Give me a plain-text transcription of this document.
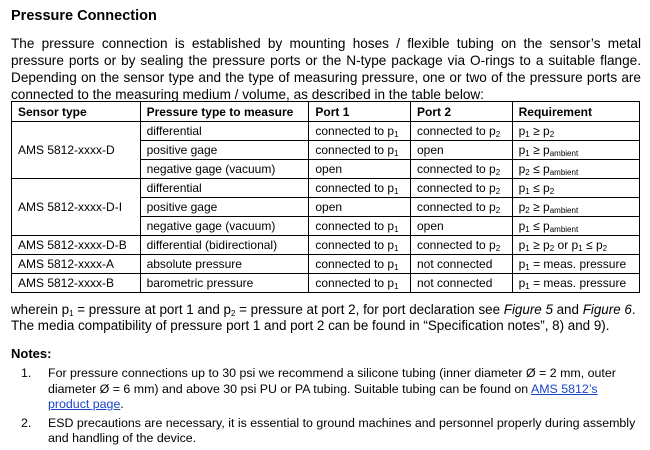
Pressure Connection

The pressure connection is established by mounting hoses / flexible tubing on the sensor’s metal pressure ports or by sealing the pressure ports or the N-type package via O-rings to a suitable flange. Depending on the sensor type and the type of measuring pressure, one or two of the pressure ports are connected to the measuring medium / volume, as described in the table below:

Sensor type	Pressure type to measure	Port 1	Port 2	Requirement
AMS 5812-xxxx-D	differential	connected to $p_1$	connected to $p_2$	$p_1 \ge p_2$
	positive gage	connected to $p_1$	open	$p_1 \ge p_{ambient}$
	negative gage (vacuum)	open	connected to $p_2$	$p_2 \le p_{ambient}$
AMS 5812-xxxx-D-I	differential	connected to $p_1$	connected to $p_2$	$p_1 \le p_2$
	positive gage	open	connected to $p_2$	$p_2 \ge p_{ambient}$
	negative gage (vacuum)	connected to $p_1$	open	$p_1 \le p_{ambient}$
AMS 5812-xxxx-D-B	differential (bidirectional)	connected to $p_1$	connected to $p_2$	$p_1 \ge p_2$ or $p_1 \le p_2$
AMS 5812-xxxx-A	absolute pressure	connected to $p_1$	not connected	$p_1$ = meas. pressure
AMS 5812-xxxx-B	barometric pressure	connected to $p_1$	not connected	$p_1$ = meas. pressure

wherein $p_1$ = pressure at port 1 and $p_2$ = pressure at port 2, for port declaration see Figure 5 and Figure 6. The media compatibility of pressure port 1 and port 2 can be found in “Specification notes”, 8) and 9).

Notes:

1. For pressure connections up to 30 psi we recommend a silicone tubing (inner diameter Ø = 2 mm, outer diameter Ø = 6 mm) and above 30 psi PU or PA tubing. Suitable tubing can be found on AMS 5812’s product page.
2. ESD precautions are necessary, it is essential to ground machines and personnel properly during assembly and handling of the device.
